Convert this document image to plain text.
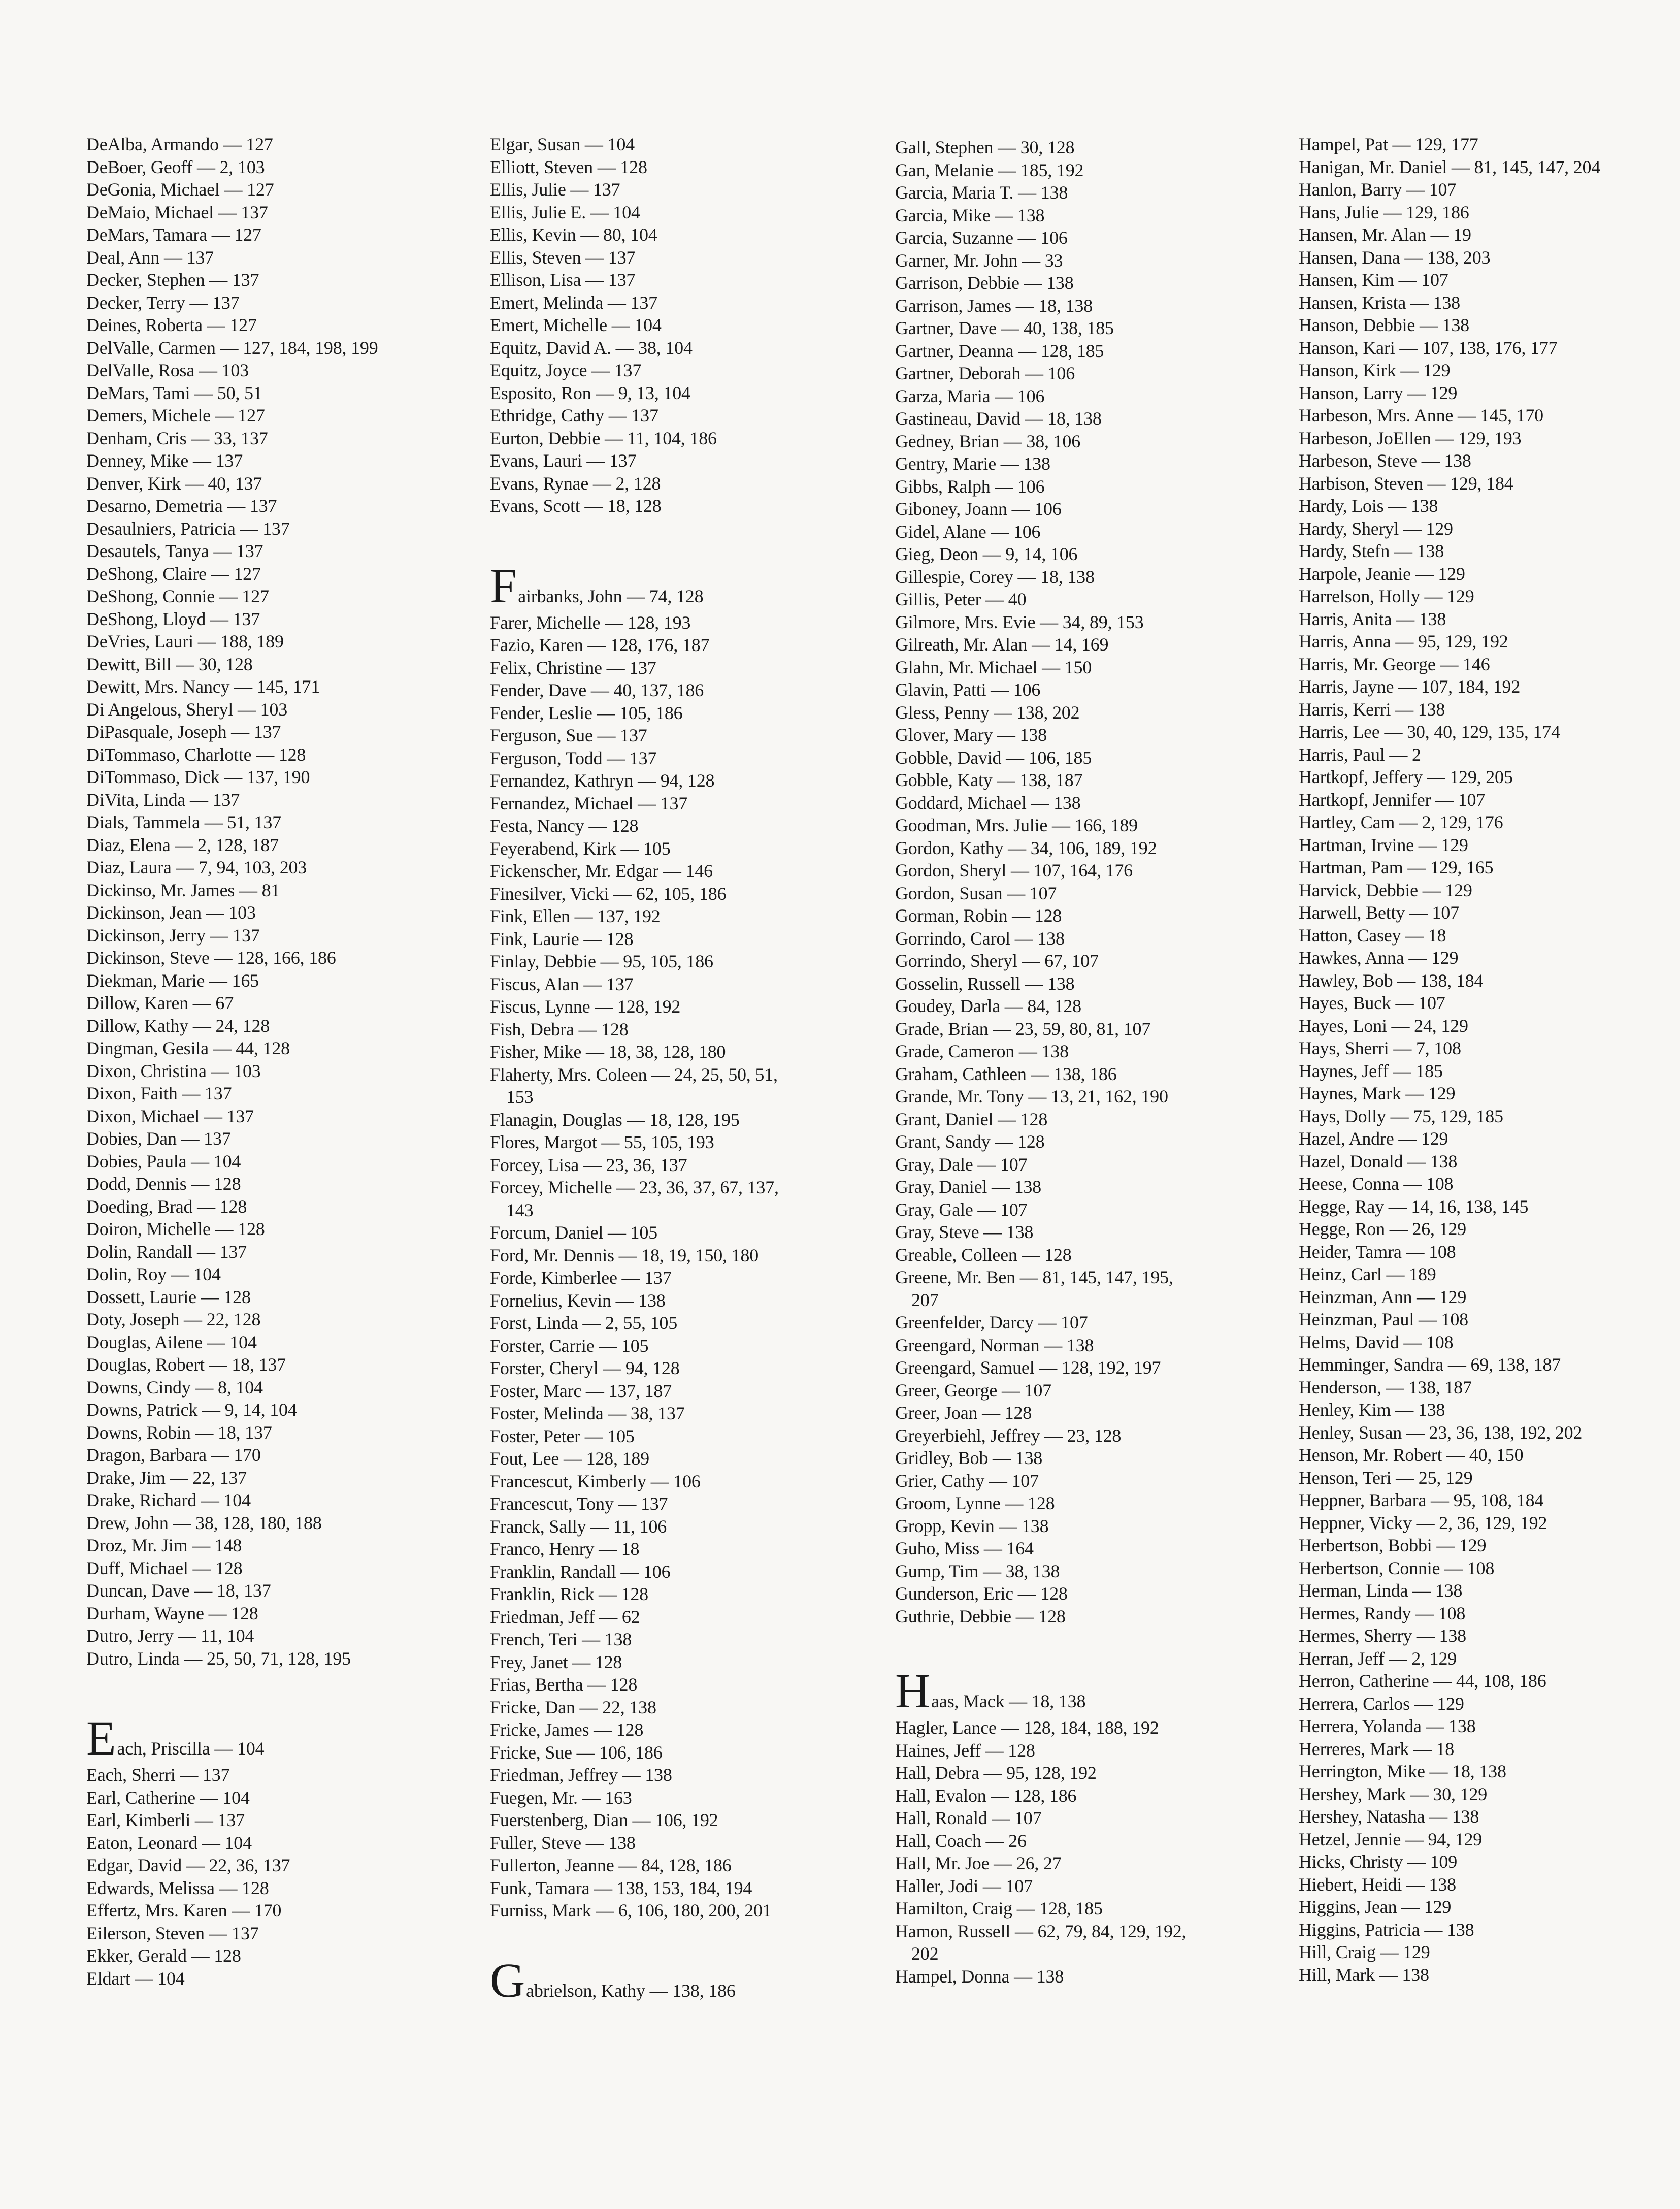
DeAlba, Armando — 127
DeBoer, Geoff — 2, 103
DeGonia, Michael — 127
DeMaio, Michael — 137
DeMars, Tamara — 127
Deal, Ann — 137
Decker, Stephen — 137
Decker, Terry — 137
Deines, Roberta — 127
DelValle, Carmen — 127, 184, 198, 199
DelValle, Rosa — 103
DeMars, Tami — 50, 51
Demers, Michele — 127
Denham, Cris — 33, 137
Denney, Mike — 137
Denver, Kirk — 40, 137
Desarno, Demetria — 137
Desaulniers, Patricia — 137
Desautels, Tanya — 137
DeShong, Claire — 127
DeShong, Connie — 127
DeShong, Lloyd — 137
DeVries, Lauri — 188, 189
Dewitt, Bill — 30, 128
Dewitt, Mrs. Nancy — 145, 171
Di Angelous, Sheryl — 103
DiPasquale, Joseph — 137
DiTommaso, Charlotte — 128
DiTommaso, Dick — 137, 190
DiVita, Linda — 137
Dials, Tammela — 51, 137
Diaz, Elena — 2, 128, 187
Diaz, Laura — 7, 94, 103, 203
Dickinso, Mr. James — 81
Dickinson, Jean — 103
Dickinson, Jerry — 137
Dickinson, Steve — 128, 166, 186
Diekman, Marie — 165
Dillow, Karen — 67
Dillow, Kathy — 24, 128
Dingman, Gesila — 44, 128
Dixon, Christina — 103
Dixon, Faith — 137
Dixon, Michael — 137
Dobies, Dan — 137
Dobies, Paula — 104
Dodd, Dennis — 128
Doeding, Brad — 128
Doiron, Michelle — 128
Dolin, Randall — 137
Dolin, Roy — 104
Dossett, Laurie — 128
Doty, Joseph — 22, 128
Douglas, Ailene — 104
Douglas, Robert — 18, 137
Downs, Cindy — 8, 104
Downs, Patrick — 9, 14, 104
Downs, Robin — 18, 137
Dragon, Barbara — 170
Drake, Jim — 22, 137
Drake, Richard — 104
Drew, John — 38, 128, 180, 188
Droz, Mr. Jim — 148
Duff, Michael — 128
Duncan, Dave — 18, 137
Durham, Wayne — 128
Dutro, Jerry — 11, 104
Dutro, Linda — 25, 50, 71, 128, 195
Each, Priscilla — 104
Each, Sherri — 137
Earl, Catherine — 104
Earl, Kimberli — 137
Eaton, Leonard — 104
Edgar, David — 22, 36, 137
Edwards, Melissa — 128
Effertz, Mrs. Karen — 170
Eilerson, Steven — 137
Ekker, Gerald — 128
Eldart — 104
Elgar, Susan — 104
Elliott, Steven — 128
Ellis, Julie — 137
Ellis, Julie E. — 104
Ellis, Kevin — 80, 104
Ellis, Steven — 137
Ellison, Lisa — 137
Emert, Melinda — 137
Emert, Michelle — 104
Equitz, David A. — 38, 104
Equitz, Joyce — 137
Esposito, Ron — 9, 13, 104
Ethridge, Cathy — 137
Eurton, Debbie — 11, 104, 186
Evans, Lauri — 137
Evans, Rynae — 2, 128
Evans, Scott — 18, 128
Fairbanks, John — 74, 128
Farer, Michelle — 128, 193
Fazio, Karen — 128, 176, 187
Felix, Christine — 137
Fender, Dave — 40, 137, 186
Fender, Leslie — 105, 186
Ferguson, Sue — 137
Ferguson, Todd — 137
Fernandez, Kathryn — 94, 128
Fernandez, Michael — 137
Festa, Nancy — 128
Feyerabend, Kirk — 105
Fickenscher, Mr. Edgar — 146
Finesilver, Vicki — 62, 105, 186
Fink, Ellen — 137, 192
Fink, Laurie — 128
Finlay, Debbie — 95, 105, 186
Fiscus, Alan — 137
Fiscus, Lynne — 128, 192
Fish, Debra — 128
Fisher, Mike — 18, 38, 128, 180
Flaherty, Mrs. Coleen — 24, 25, 50, 51,
153
Flanagin, Douglas — 18, 128, 195
Flores, Margot — 55, 105, 193
Forcey, Lisa — 23, 36, 137
Forcey, Michelle — 23, 36, 37, 67, 137,
143
Forcum, Daniel — 105
Ford, Mr. Dennis — 18, 19, 150, 180
Forde, Kimberlee — 137
Fornelius, Kevin — 138
Forst, Linda — 2, 55, 105
Forster, Carrie — 105
Forster, Cheryl — 94, 128
Foster, Marc — 137, 187
Foster, Melinda — 38, 137
Foster, Peter — 105
Fout, Lee — 128, 189
Francescut, Kimberly — 106
Francescut, Tony — 137
Franck, Sally — 11, 106
Franco, Henry — 18
Franklin, Randall — 106
Franklin, Rick — 128
Friedman, Jeff — 62
French, Teri — 138
Frey, Janet — 128
Frias, Bertha — 128
Fricke, Dan — 22, 138
Fricke, James — 128
Fricke, Sue — 106, 186
Friedman, Jeffrey — 138
Fuegen, Mr. — 163
Fuerstenberg, Dian — 106, 192
Fuller, Steve — 138
Fullerton, Jeanne — 84, 128, 186
Funk, Tamara — 138, 153, 184, 194
Furniss, Mark — 6, 106, 180, 200, 201
Gabrielson, Kathy — 138, 186
Gall, Stephen — 30, 128
Gan, Melanie — 185, 192
Garcia, Maria T. — 138
Garcia, Mike — 138
Garcia, Suzanne — 106
Garner, Mr. John — 33
Garrison, Debbie — 138
Garrison, James — 18, 138
Gartner, Dave — 40, 138, 185
Gartner, Deanna — 128, 185
Gartner, Deborah — 106
Garza, Maria — 106
Gastineau, David — 18, 138
Gedney, Brian — 38, 106
Gentry, Marie — 138
Gibbs, Ralph — 106
Giboney, Joann — 106
Gidel, Alane — 106
Gieg, Deon — 9, 14, 106
Gillespie, Corey — 18, 138
Gillis, Peter — 40
Gilmore, Mrs. Evie — 34, 89, 153
Gilreath, Mr. Alan — 14, 169
Glahn, Mr. Michael — 150
Glavin, Patti — 106
Gless, Penny — 138, 202
Glover, Mary — 138
Gobble, David — 106, 185
Gobble, Katy — 138, 187
Goddard, Michael — 138
Goodman, Mrs. Julie — 166, 189
Gordon, Kathy — 34, 106, 189, 192
Gordon, Sheryl — 107, 164, 176
Gordon, Susan — 107
Gorman, Robin — 128
Gorrindo, Carol — 138
Gorrindo, Sheryl — 67, 107
Gosselin, Russell — 138
Goudey, Darla — 84, 128
Grade, Brian — 23, 59, 80, 81, 107
Grade, Cameron — 138
Graham, Cathleen — 138, 186
Grande, Mr. Tony — 13, 21, 162, 190
Grant, Daniel — 128
Grant, Sandy — 128
Gray, Dale — 107
Gray, Daniel — 138
Gray, Gale — 107
Gray, Steve — 138
Greable, Colleen — 128
Greene, Mr. Ben — 81, 145, 147, 195,
207
Greenfelder, Darcy — 107
Greengard, Norman — 138
Greengard, Samuel — 128, 192, 197
Greer, George — 107
Greer, Joan — 128
Greyerbiehl, Jeffrey — 23, 128
Gridley, Bob — 138
Grier, Cathy — 107
Groom, Lynne — 128
Gropp, Kevin — 138
Guho, Miss — 164
Gump, Tim — 38, 138
Gunderson, Eric — 128
Guthrie, Debbie — 128
Haas, Mack — 18, 138
Hagler, Lance — 128, 184, 188, 192
Haines, Jeff — 128
Hall, Debra — 95, 128, 192
Hall, Evalon — 128, 186
Hall, Ronald — 107
Hall, Coach — 26
Hall, Mr. Joe — 26, 27
Haller, Jodi — 107
Hamilton, Craig — 128, 185
Hamon, Russell — 62, 79, 84, 129, 192,
202
Hampel, Donna — 138
Hampel, Pat — 129, 177
Hanigan, Mr. Daniel — 81, 145, 147, 204
Hanlon, Barry — 107
Hans, Julie — 129, 186
Hansen, Mr. Alan — 19
Hansen, Dana — 138, 203
Hansen, Kim — 107
Hansen, Krista — 138
Hanson, Debbie — 138
Hanson, Kari — 107, 138, 176, 177
Hanson, Kirk — 129
Hanson, Larry — 129
Harbeson, Mrs. Anne — 145, 170
Harbeson, JoEllen — 129, 193
Harbeson, Steve — 138
Harbison, Steven — 129, 184
Hardy, Lois — 138
Hardy, Sheryl — 129
Hardy, Stefn — 138
Harpole, Jeanie — 129
Harrelson, Holly — 129
Harris, Anita — 138
Harris, Anna — 95, 129, 192
Harris, Mr. George — 146
Harris, Jayne — 107, 184, 192
Harris, Kerri — 138
Harris, Lee — 30, 40, 129, 135, 174
Harris, Paul — 2
Hartkopf, Jeffery — 129, 205
Hartkopf, Jennifer — 107
Hartley, Cam — 2, 129, 176
Hartman, Irvine — 129
Hartman, Pam — 129, 165
Harvick, Debbie — 129
Harwell, Betty — 107
Hatton, Casey — 18
Hawkes, Anna — 129
Hawley, Bob — 138, 184
Hayes, Buck — 107
Hayes, Loni — 24, 129
Hays, Sherri — 7, 108
Haynes, Jeff — 185
Haynes, Mark — 129
Hays, Dolly — 75, 129, 185
Hazel, Andre — 129
Hazel, Donald — 138
Heese, Conna — 108
Hegge, Ray — 14, 16, 138, 145
Hegge, Ron — 26, 129
Heider, Tamra — 108
Heinz, Carl — 189
Heinzman, Ann — 129
Heinzman, Paul — 108
Helms, David — 108
Hemminger, Sandra — 69, 138, 187
Henderson, — 138, 187
Henley, Kim — 138
Henley, Susan — 23, 36, 138, 192, 202
Henson, Mr. Robert — 40, 150
Henson, Teri — 25, 129
Heppner, Barbara — 95, 108, 184
Heppner, Vicky — 2, 36, 129, 192
Herbertson, Bobbi — 129
Herbertson, Connie — 108
Herman, Linda — 138
Hermes, Randy — 108
Hermes, Sherry — 138
Herran, Jeff — 2, 129
Herron, Catherine — 44, 108, 186
Herrera, Carlos — 129
Herrera, Yolanda — 138
Herreres, Mark — 18
Herrington, Mike — 18, 138
Hershey, Mark — 30, 129
Hershey, Natasha — 138
Hetzel, Jennie — 94, 129
Hicks, Christy — 109
Hiebert, Heidi — 138
Higgins, Jean — 129
Higgins, Patricia — 138
Hill, Craig — 129
Hill, Mark — 138
